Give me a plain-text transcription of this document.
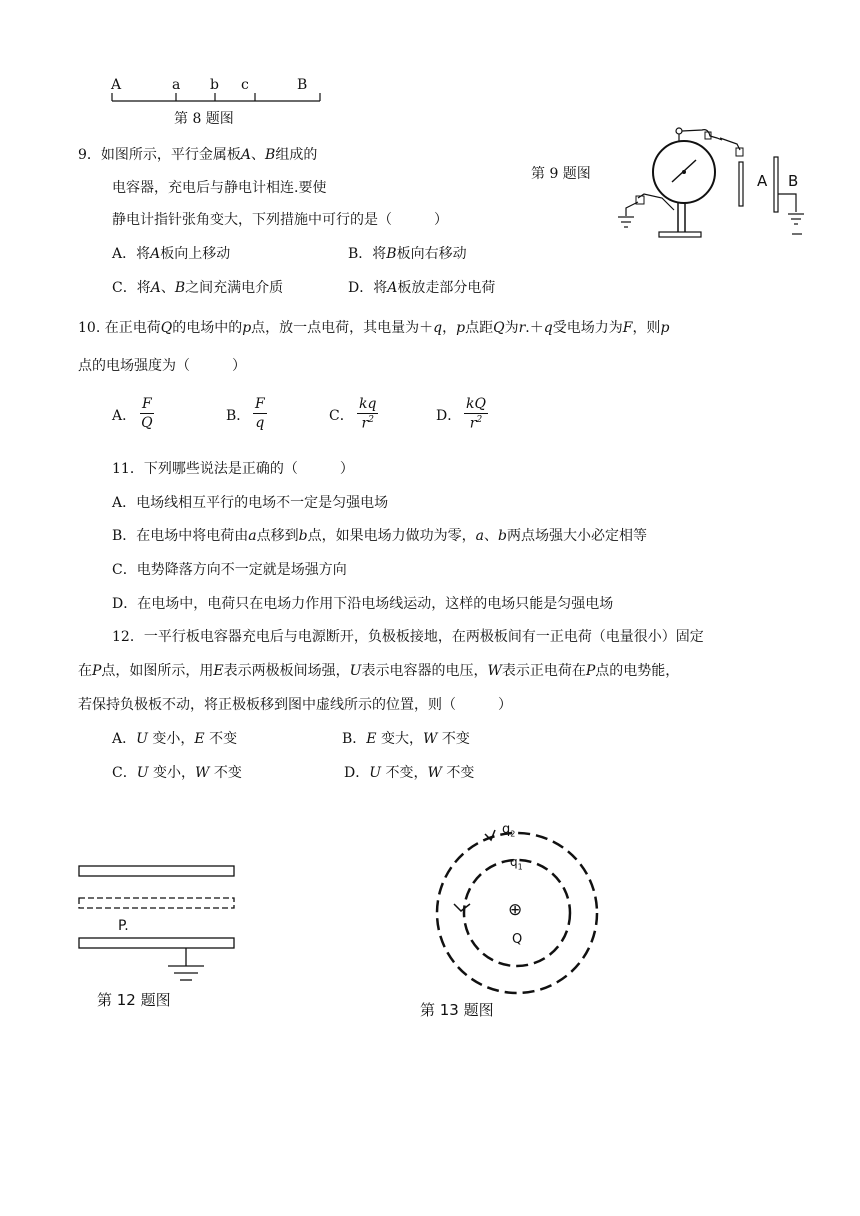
A	a b c	B
第 8 题图
9．如图所示，平行金属板A、B组成的
电容器，充电后与静电计相连.要使
静电计指针张角变大，下列措施中可行的是（　　　）
A．将A板向上移动	B．将B板向右移动
C．将A、B之间充满电介质	D．将A板放走部分电荷
第 9 题图	A B
10. 在正电荷Q的电场中的p点，放一点电荷，其电量为＋q，p点距Q为r.＋q受电场力为F，则p
点的电场强度为（　　　）
A．
F
Q	B．
F
q	C．
kq
$r^2$	D．
kQ
$r^2$
11．下列哪些说法是正确的（　　　）
A．电场线相互平行的电场不一定是匀强电场
B．在电场中将电荷由a点移到b点，如果电场力做功为零，a、b两点场强大小必定相等
C．电势降落方向不一定就是场强方向
D．在电场中，电荷只在电场力作用下沿电场线运动，这样的电场只能是匀强电场
12．一平行板电容器充电后与电源断开，负极板接地，在两极板间有一正电荷（电量很小）固定
在P点，如图所示，用E表示两极板间场强，U表示电容器的电压，W表示正电荷在P点的电势能，
若保持负极板不动，将正极板移到图中虚线所示的位置，则（　　　）
A．U 变小，E 不变	B．E 变大，W 不变
C．U 变小，W 不变	D．U 不变，W 不变
P.
第 12 题图
$q_2$
$q_1$
⊕
Q
第 13 题图
